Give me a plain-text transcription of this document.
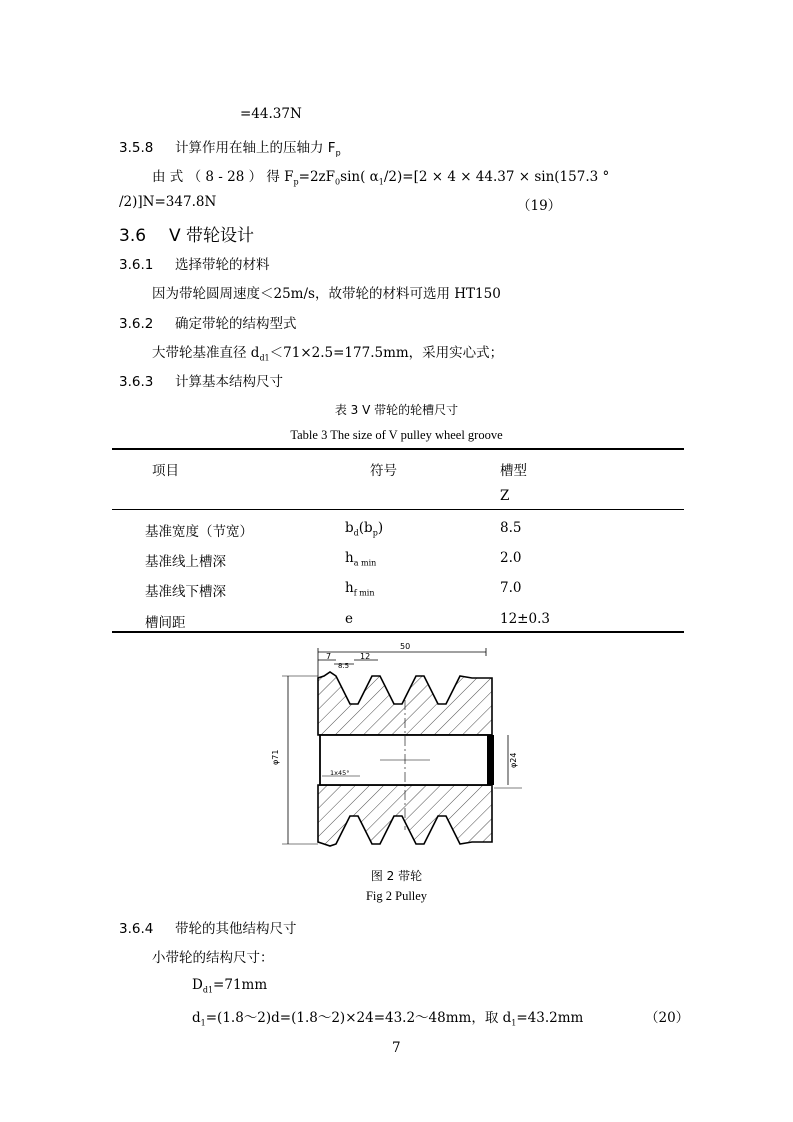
=44.37N
3.5.8 计算作用在轴上的压轴力 $F_p$
由 式 （ 8 - 28 ） 得 $F_p=2zF_0\sin$( $\alpha_1/2)=[2 \times 4 \times 44.37 \times \sin(157.3$ °
/2)]N=347.8N	（19）
3.6 V 带轮设计
3.6.1 选择带轮的材料
因为带轮圆周速度＜25m/s，故带轮的材料可选用 HT150
3.6.2 确定带轮的结构型式
大带轮基准直径 $d_{d1}<71\times 2.5=177.5mm$，采用实心式；
3.6.3 计算基本结构尺寸
表 3 V 带轮的轮槽尺寸
Table 3 The size of V pulley wheel groove
项目	符号	槽型
Z
基准宽度（节宽）	$b_d(b_p)$	8.5
基准线上槽深	$h_{a min}$	2.0
基准线下槽深	$h_{f min}$	7.0
槽间距	e	12±0.3
50
7
8.5
12
φ71	φ24
1x45°
图 2 带轮
Fig 2 Pulley
3.6.4 带轮的其他结构尺寸
小带轮的结构尺寸：
$D_{d1}=71mm$
$d_1=(1.8\sim 2)d=(1.8\sim 2)\times 24=43.2\sim 48mm$，取 $d_1=43.2mm$	（20）
7
